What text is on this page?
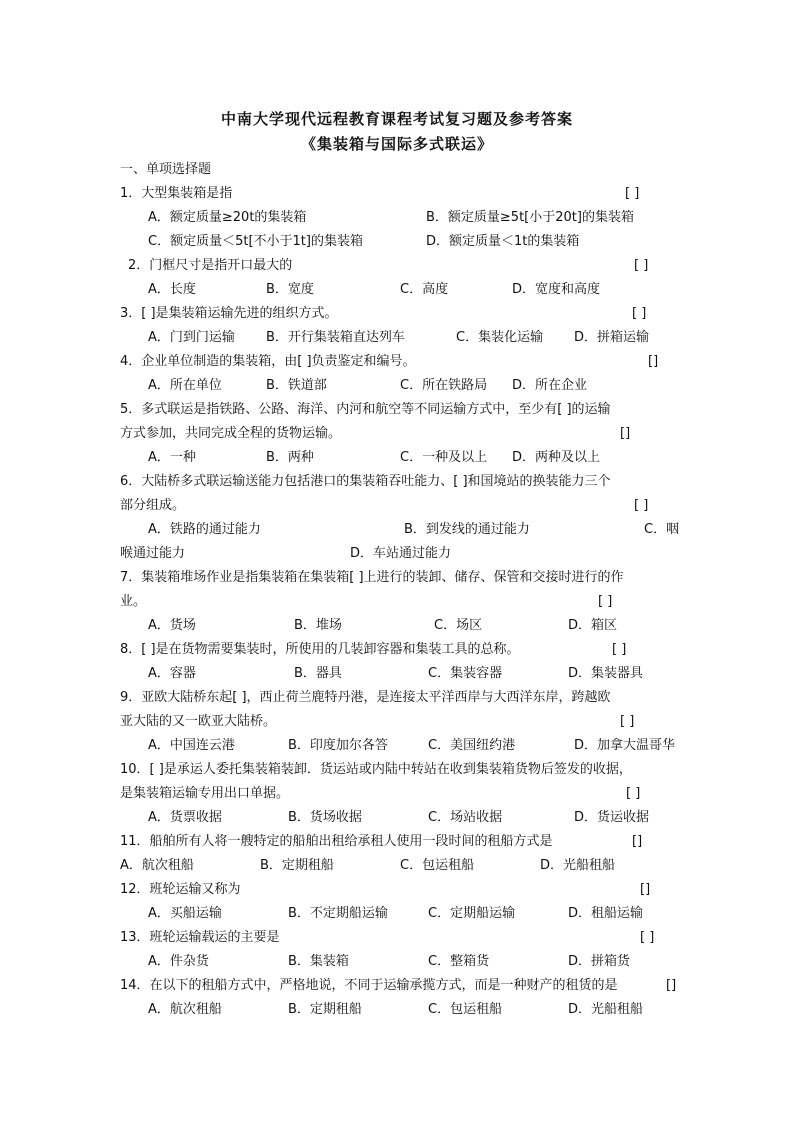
中南大学现代远程教育课程考试复习题及参考答案
《集装箱与国际多式联运》
一、单项选择题
1．大型集装箱是指	[ ]
A．额定质量≥20t的集装箱	B．额定质量≥5t[小于20t]的集装箱
C．额定质量＜5t[不小于1t]的集装箱	D．额定质量＜1t的集装箱
2．门框尺寸是指开口最大的	[ ]
A．长度	B．宽度	C．高度	D．宽度和高度
3．[ ]是集装箱运输先进的组织方式。	[ ]
A．门到门运输 B．开行集装箱直达列车	C．集装化运输 D．拼箱运输
4．企业单位制造的集装箱，由[ ]负责鉴定和编号。	[]
A．所在单位	B．铁道部	C．所在铁路局 D．所在企业
5．多式联运是指铁路、公路、海洋、内河和航空等不同运输方式中，至少有[ ]的运输
方式参加，共同完成全程的货物运输。	[]
A．一种	B．两种	C．一种及以上 D．两种及以上
6．大陆桥多式联运输送能力包括港口的集装箱吞吐能力、[ ]和国境站的换装能力三个
部分组成。	[ ]
A．铁路的通过能力	B．到发线的通过能力	C．咽
喉通过能力	D．车站通过能力
7．集装箱堆场作业是指集装箱在集装箱[ ]上进行的装卸、储存、保管和交接时进行的作
业。	[ ]
A．货场	B．堆场	C．场区	D．箱区
8．[ ]是在货物需要集装时，所使用的几装卸容器和集装工具的总称。	[ ]
A．容器	B．器具	C．集装容器	D．集装器具
9．亚欧大陆桥东起[ ]，西止荷兰鹿特丹港，是连接太平洋西岸与大西洋东岸，跨越欧
亚大陆的又一欧亚大陆桥。	[ ]
A．中国连云港	B．印度加尔各答	C．美国纽约港	D．加拿大温哥华
10．[ ]是承运人委托集装箱装卸．货运站或内陆中转站在收到集装箱货物后签发的收据，
是集装箱运输专用出口单据。	[ ]
A．货票收据	B．货场收据	C．场站收据	D．货运收据
11．船舶所有人将一艘特定的船舶出租给承租人使用一段时间的租船方式是	[]
A．航次租船	B．定期租船	C．包运租船	D．光船租船
12．班轮运输又称为	[]
A．买船运输	B．不定期船运输	C．定期船运输	D．租船运输
13．班轮运输载运的主要是	[ ]
A．件杂货	B．集装箱	C．整箱货	D．拼箱货
14．在以下的租船方式中，严格地说，不同于运输承揽方式，而是一种财产的租赁的是	[]
A．航次租船	B．定期租船	C．包运租船	D．光船租船
